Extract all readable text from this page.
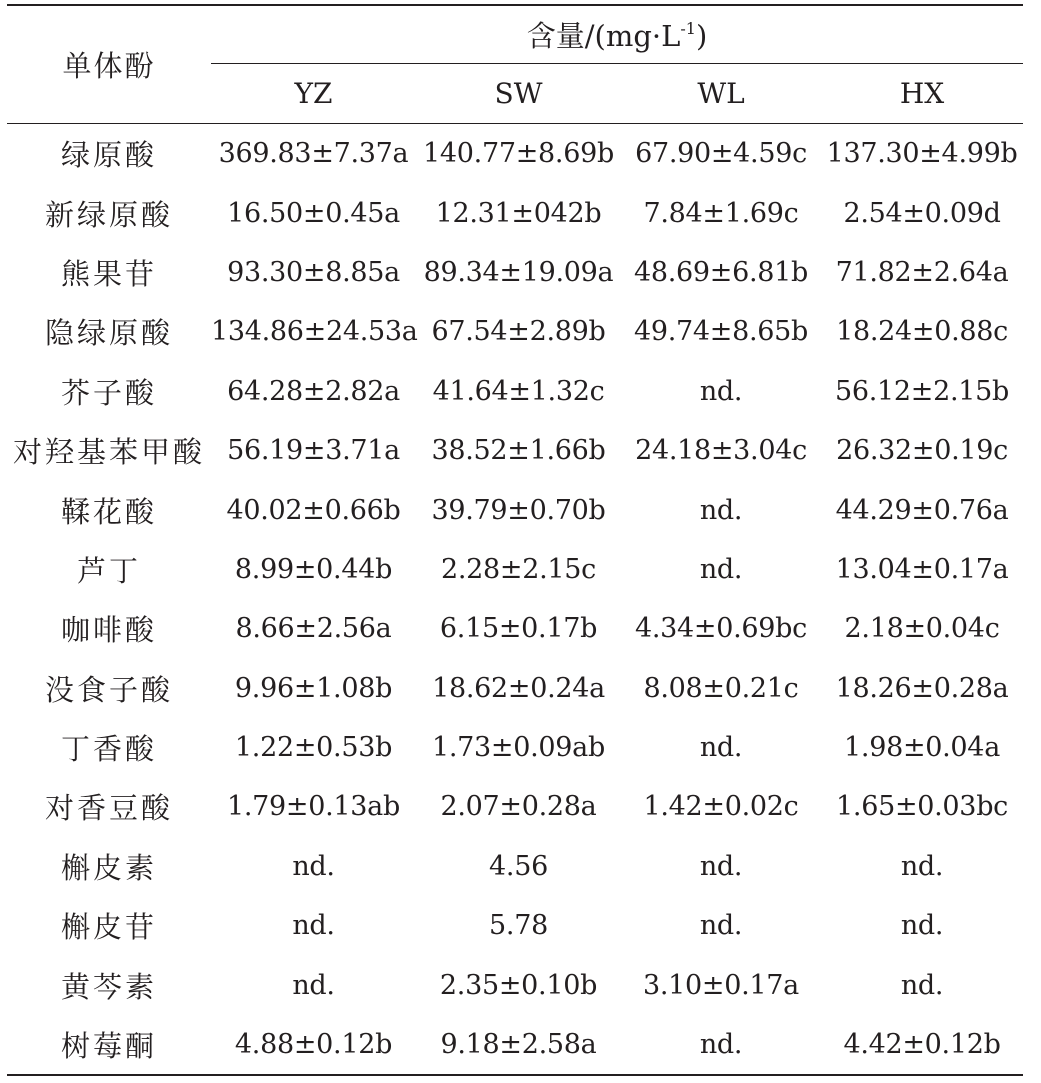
单体酚	含量$/(mg\cdot L^{-1})$			
	YZ	SW	WL	HX
绿原酸	369.83±7.37a	140.77±8.69b	67.90±4.59c	137.30±4.99b
新绿原酸	16.50±0.45a	12.31±042b	7.84±1.69c	2.54±0.09d
熊果苷	93.30±8.85a	89.34±19.09a	48.69±6.81b	71.82±2.64a
隐绿原酸	134.86±24.53a	67.54±2.89b	49.74±8.65b	18.24±0.88c
芥子酸	64.28±2.82a	41.64±1.32c	nd.	56.12±2.15b
对羟基苯甲酸	56.19±3.71a	38.52±1.66b	24.18±3.04c	26.32±0.19c
鞣花酸	40.02±0.66b	39.79±0.70b	nd.	44.29±0.76a
芦丁	8.99±0.44b	2.28±2.15c	nd.	13.04±0.17a
咖啡酸	8.66±2.56a	6.15±0.17b	4.34±0.69bc	2.18±0.04c
没食子酸	9.96±1.08b	18.62±0.24a	8.08±0.21c	18.26±0.28a
丁香酸	1.22±0.53b	1.73±0.09ab	nd.	1.98±0.04a
对香豆酸	1.79±0.13ab	2.07±0.28a	1.42±0.02c	1.65±0.03bc
槲皮素	nd.	4.56	nd.	nd.
槲皮苷	nd.	5.78	nd.	nd.
黄芩素	nd.	2.35±0.10b	3.10±0.17a	nd.
树莓酮	4.88±0.12b	9.18±2.58a	nd.	4.42±0.12b
